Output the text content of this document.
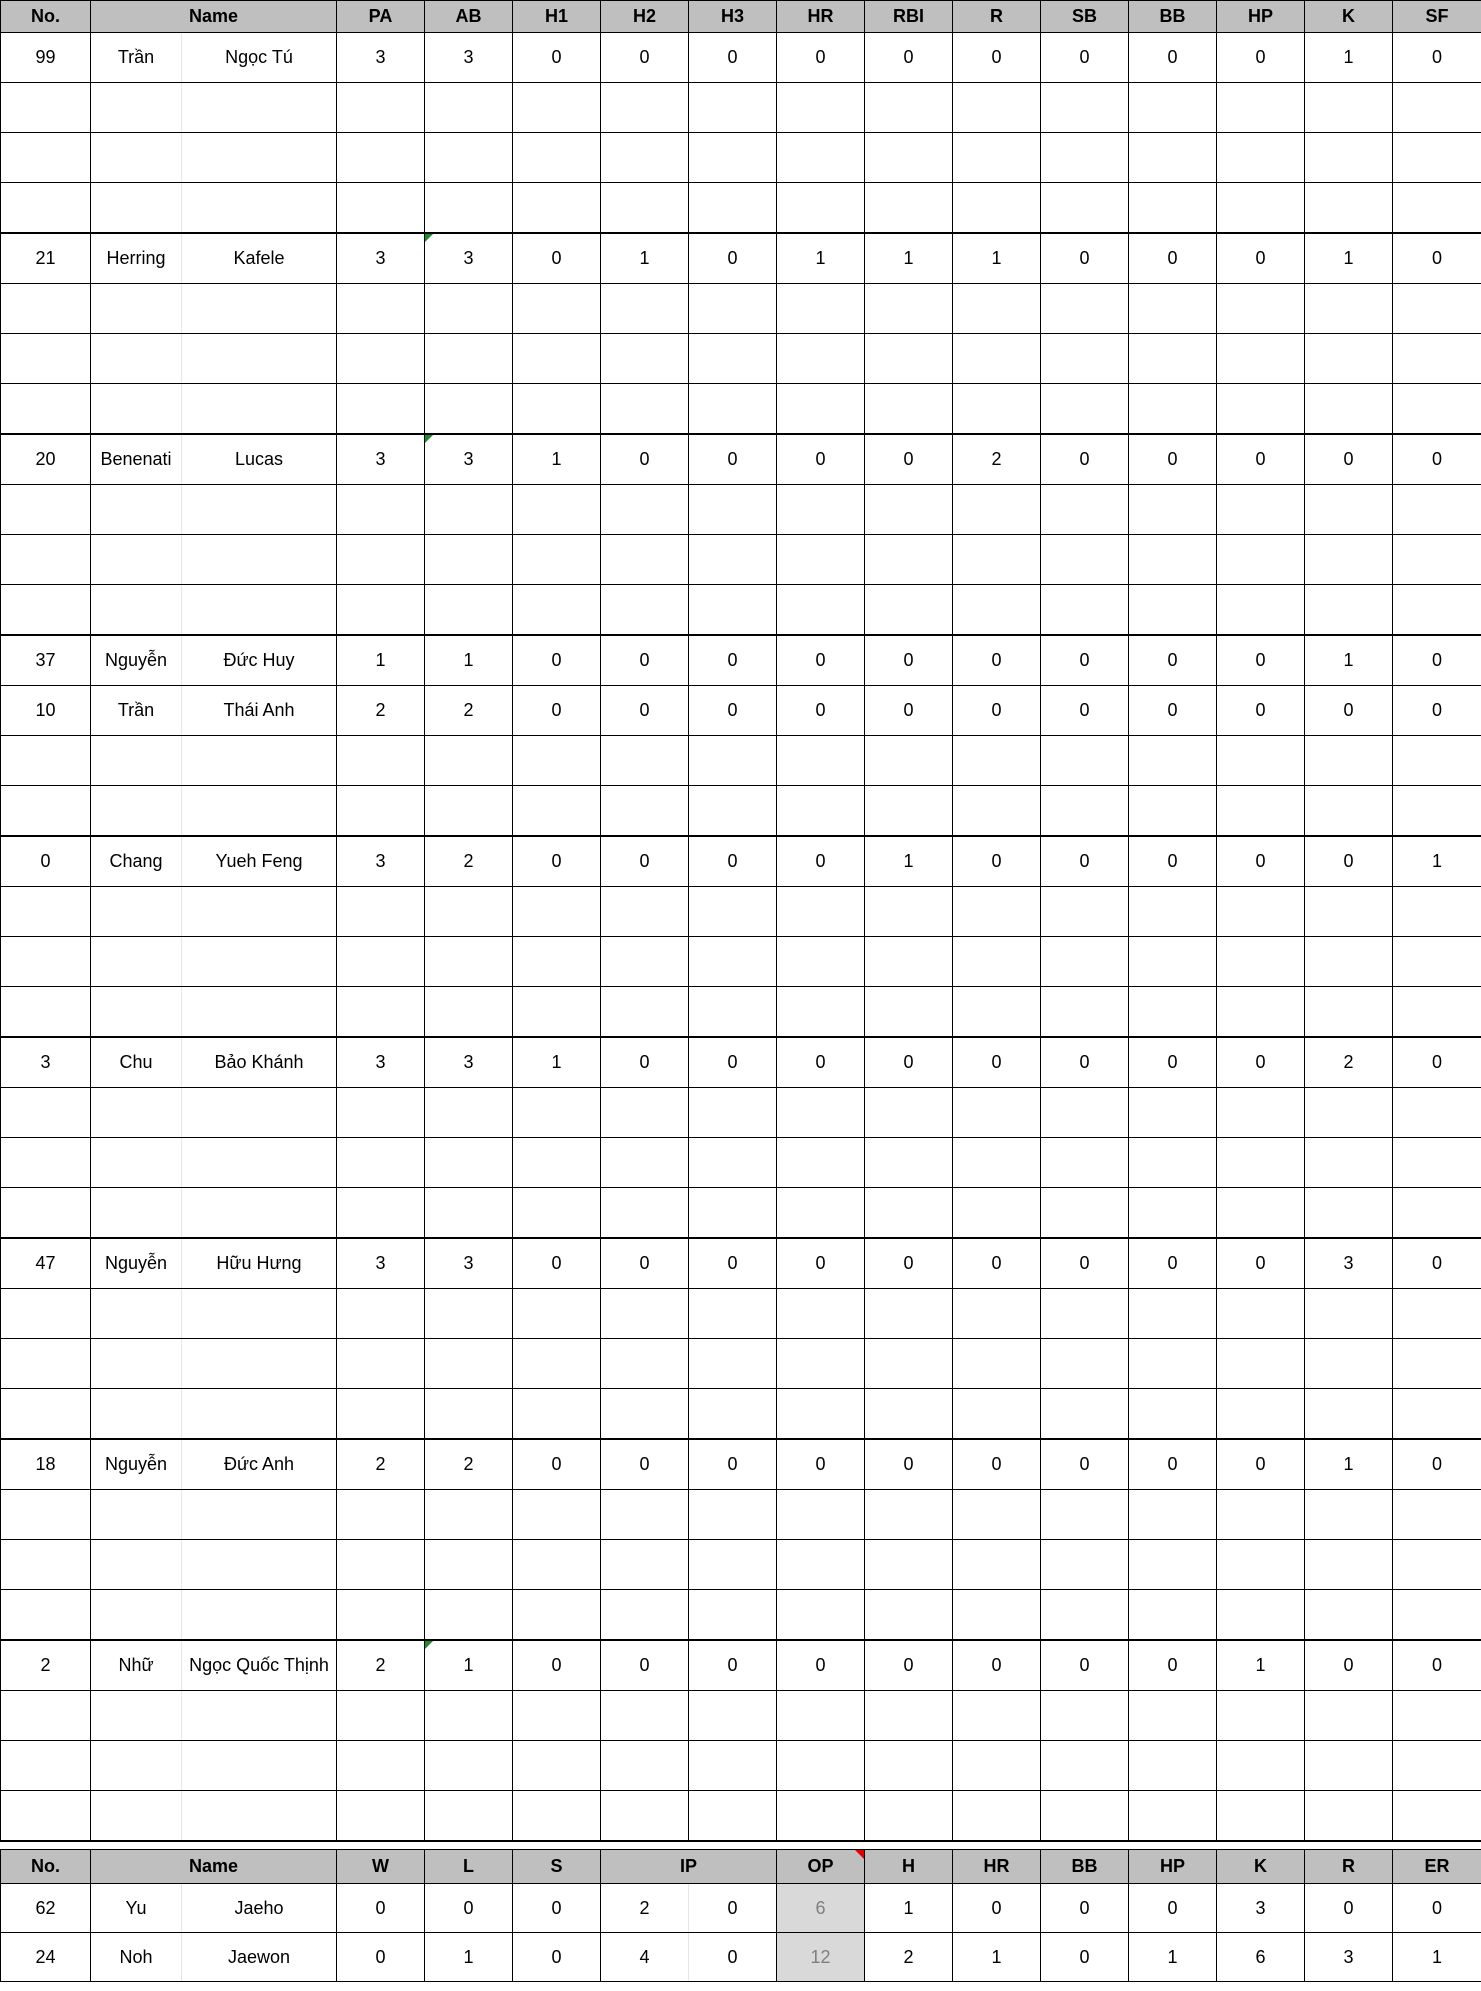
No.	Name		PA	AB	H1	H2	H3	HR	RBI	R	SB	BB	HP	K	SF
99	Trần	Ngọc Tú	3	3	0	0	0	0	0	0	0	0	0	1	0

21	Herring	Kafele	3	3	0	1	0	1	1	1	0	0	0	1	0

20	Benenati	Lucas	3	3	1	0	0	0	0	2	0	0	0	0	0

37	Nguyễn	Đức Huy	1	1	0	0	0	0	0	0	0	0	0	1	0
10	Trần	Thái Anh	2	2	0	0	0	0	0	0	0	0	0	0	0

0	Chang	Yueh Feng	3	2	0	0	0	0	1	0	0	0	0	0	1

3	Chu	Bảo Khánh	3	3	1	0	0	0	0	0	0	0	0	2	0

47	Nguyễn	Hữu Hưng	3	3	0	0	0	0	0	0	0	0	0	3	0

18	Nguyễn	Đức Anh	2	2	0	0	0	0	0	0	0	0	0	1	0

2	Nhữ	Ngọc Quốc Thịnh	2	1	0	0	0	0	0	0	0	0	1	0	0

No.	Name		W	L	S	IP		OP	H	HR	BB	HP	K	R	ER
62	Yu	Jaeho	0	0	0	2	0	6	1	0	0	0	3	0	0
24	Noh	Jaewon	0	1	0	4	0	12	2	1	0	1	6	3	1
